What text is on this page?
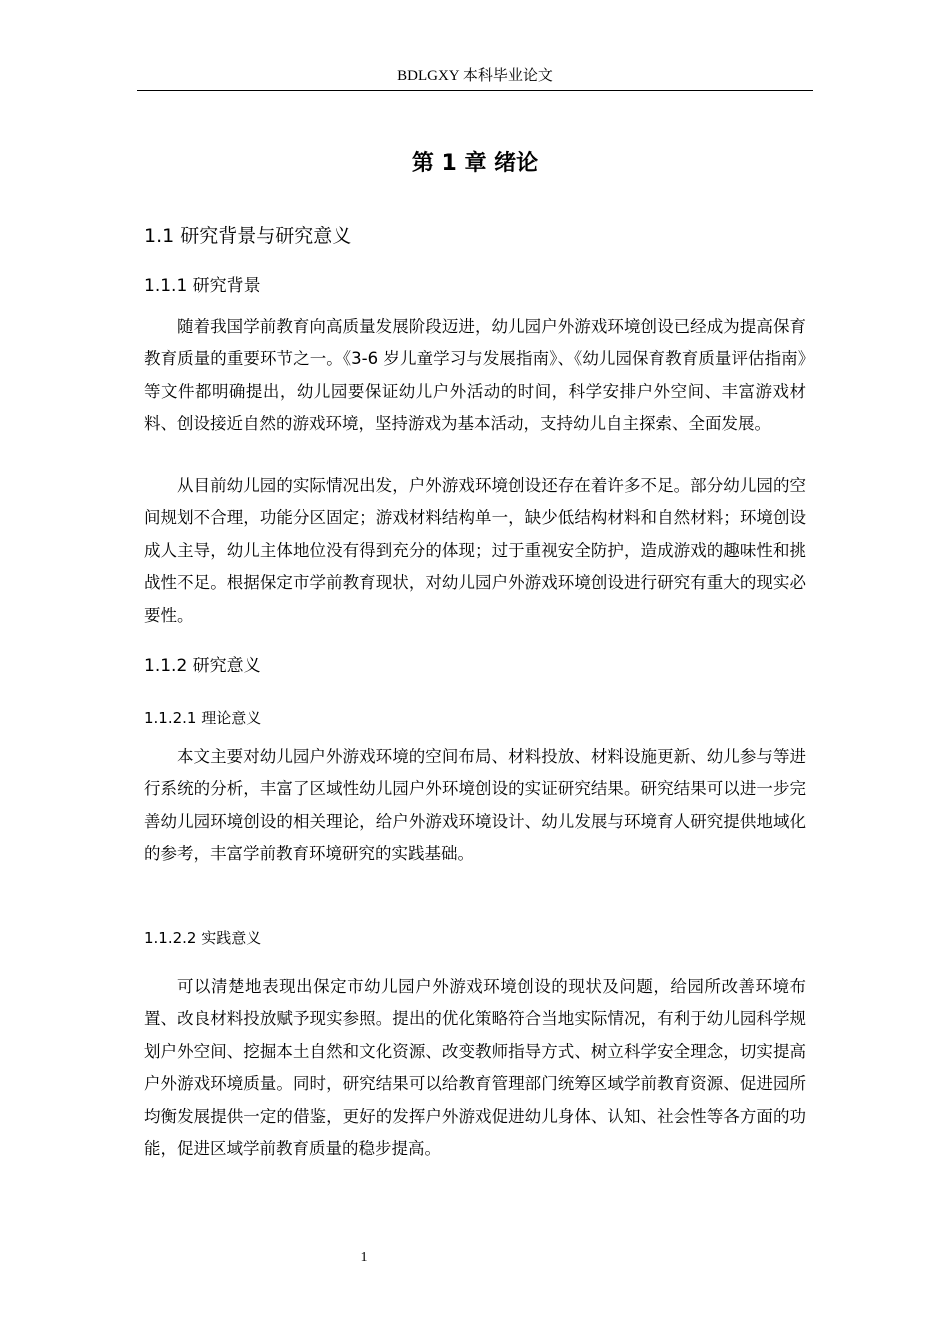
BDLGXY 本科毕业论文
第 1 章 绪论
1.1 研究背景与研究意义
1.1.1 研究背景

随着我国学前教育向高质量发展阶段迈进，幼儿园户外游戏环境创设已经成为提高保育教育质量的重要环节之一。《3-6 岁儿童学习与发展指南》、《幼儿园保育教育质量评估指南》等文件都明确提出，幼儿园要保证幼儿户外活动的时间，科学安排户外空间、丰富游戏材料、创设接近自然的游戏环境，坚持游戏为基本活动，支持幼儿自主探索、全面发展。

从目前幼儿园的实际情况出发，户外游戏环境创设还存在着许多不足。部分幼儿园的空间规划不合理，功能分区固定；游戏材料结构单一，缺少低结构材料和自然材料；环境创设成人主导，幼儿主体地位没有得到充分的体现；过于重视安全防护，造成游戏的趣味性和挑战性不足。根据保定市学前教育现状，对幼儿园户外游戏环境创设进行研究有重大的现实必要性。

1.1.2 研究意义
1.1.2.1 理论意义

本文主要对幼儿园户外游戏环境的空间布局、材料投放、材料设施更新、幼儿参与等进行系统的分析，丰富了区域性幼儿园户外环境创设的实证研究结果。研究结果可以进一步完善幼儿园环境创设的相关理论，给户外游戏环境设计、幼儿发展与环境育人研究提供地域化的参考，丰富学前教育环境研究的实践基础。

1.1.2.2 实践意义

可以清楚地表现出保定市幼儿园户外游戏环境创设的现状及问题，给园所改善环境布置、改良材料投放赋予现实参照。提出的优化策略符合当地实际情况，有利于幼儿园科学规划户外空间、挖掘本土自然和文化资源、改变教师指导方式、树立科学安全理念，切实提高户外游戏环境质量。同时，研究结果可以给教育管理部门统筹区域学前教育资源、促进园所均衡发展提供一定的借鉴，更好的发挥户外游戏促进幼儿身体、认知、社会性等各方面的功能，促进区域学前教育质量的稳步提高。

1
